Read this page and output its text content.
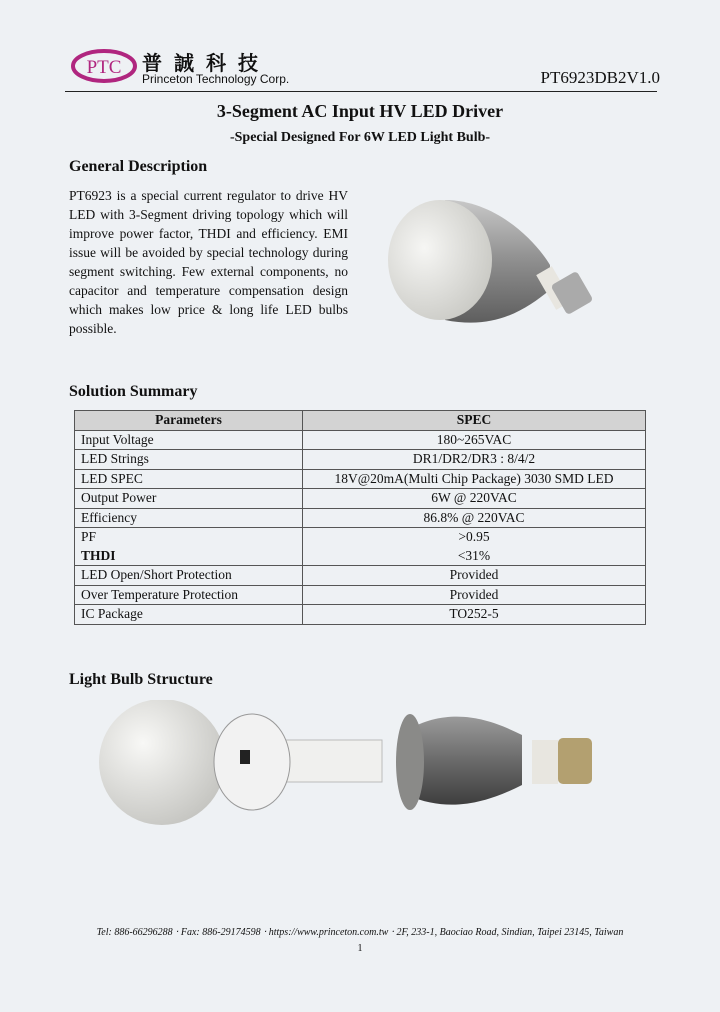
PTC 普誠科技
Princeton Technology Corp.	PT6923DB2V1.0
3-Segment AC Input HV LED Driver
-Special Designed For 6W LED Light Bulb-
General Description
PT6923 is a special current regulator to drive HV LED with 3-Segment driving topology which will improve power factor, THDI and efficiency. EMI issue will be avoided by special technology during segment switching. Few external components, no capacitor and temperature compensation design which makes low price & long life LED bulbs possible.
Solution Summary
Parameters	SPEC
Input Voltage	180~265VAC
LED Strings	DR1/DR2/DR3 : 8/4/2
LED SPEC	18V@20mA(Multi Chip Package) 3030 SMD LED
Output Power	6W @ 220VAC
Efficiency	86.8% @ 220VAC
PF	>0.95
THDI	<31%
LED Open/Short Protection	Provided
Over Temperature Protection	Provided
IC Package	TO252-5
Light Bulb Structure
Tel: 886-66296288 ‧ Fax: 886-29174598 ‧ https://www.princeton.com.tw ‧ 2F, 233-1, Baociao Road, Sindian, Taipei 23145, Taiwan
1
